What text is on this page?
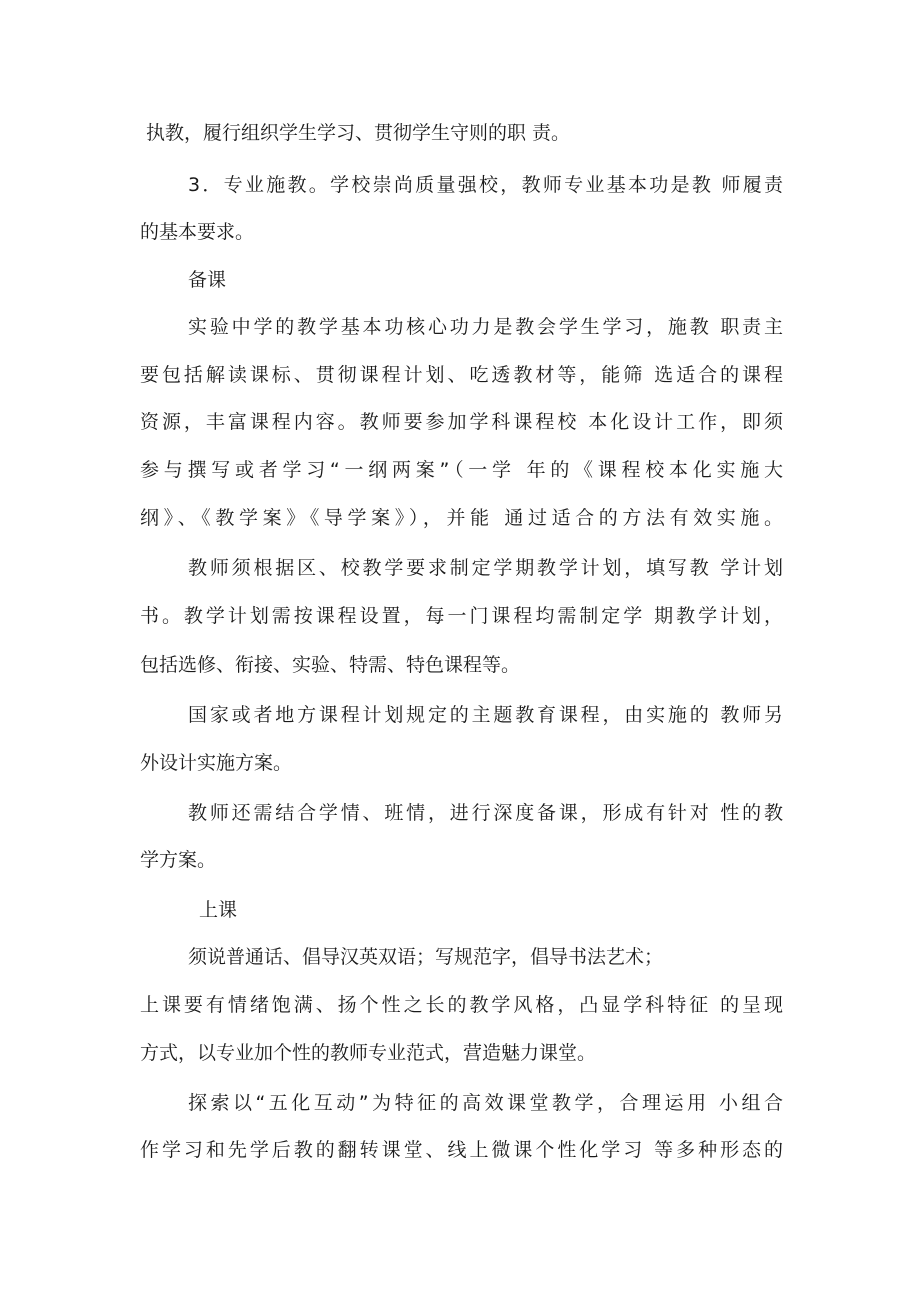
执教，履行组织学生学习、贯彻学生守则的职 责。
3．专业施教。学校崇尚质量强校，教师专业基本功是教 师履责
的基本要求。
备课
实验中学的教学基本功核心功力是教会学生学习，施教 职责主
要包括解读课标、贯彻课程计划、吃透教材等，能筛 选适合的课程
资源，丰富课程内容。教师要参加学科课程校 本化设计工作，即须
参与撰写或者学习“一纲两案”（一学 年的《课程校本化实施大
纲》、《教学案》《导学案》），并能 通过适合的方法有效实施。
教师须根据区、校教学要求制定学期教学计划，填写教 学计划
书。教学计划需按课程设置，每一门课程均需制定学 期教学计划，
包括选修、衔接、实验、特需、特色课程等。
国家或者地方课程计划规定的主题教育课程，由实施的 教师另
外设计实施方案。
教师还需结合学情、班情，进行深度备课，形成有针对 性的教
学方案。
上课
须说普通话、倡导汉英双语；写规范字，倡导书法艺术；
上课要有情绪饱满、扬个性之长的教学风格，凸显学科特征 的呈现
方式，以专业加个性的教师专业范式，营造魅力课堂。
探索以“五化互动”为特征的高效课堂教学，合理运用 小组合
作学习和先学后教的翻转课堂、线上微课个性化学习 等多种形态的
